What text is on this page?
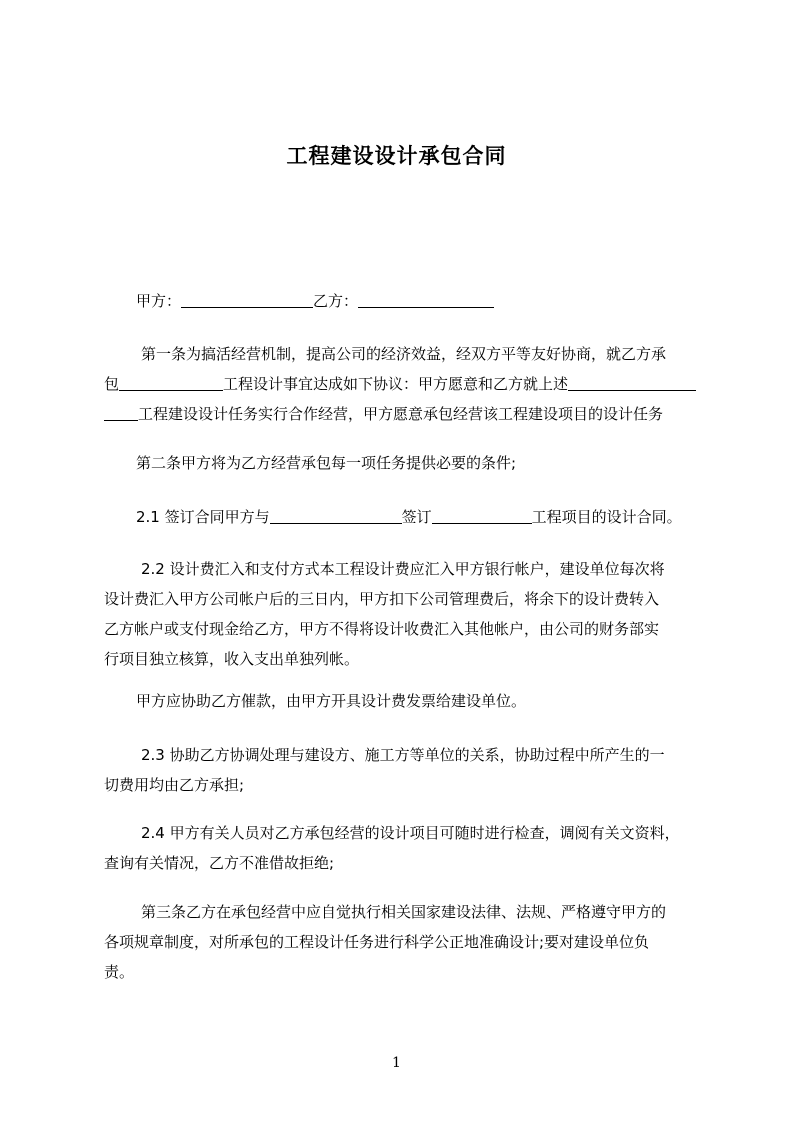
工程建设设计承包合同

甲方：	乙方：

第一条为搞活经营机制，提高公司的经济效益，经双方平等友好协商，就乙方承
包	工程设计事宜达成如下协议：甲方愿意和乙方就上述
工程建设设计任务实行合作经营，甲方愿意承包经营该工程建设项目的设计任务

第二条甲方将为乙方经营承包每一项任务提供必要的条件;

2.1 签订合同甲方与	签订	工程项目的设计合同。

2.2 设计费汇入和支付方式本工程设计费应汇入甲方银行帐户，建设单位每次将
设计费汇入甲方公司帐户后的三日内，甲方扣下公司管理费后，将余下的设计费转入
乙方帐户或支付现金给乙方，甲方不得将设计收费汇入其他帐户，由公司的财务部实
行项目独立核算，收入支出单独列帐。

甲方应协助乙方催款，由甲方开具设计费发票给建设单位。

2.3 协助乙方协调处理与建设方、施工方等单位的关系，协助过程中所产生的一
切费用均由乙方承担;
2.4 甲方有关人员对乙方承包经营的设计项目可随时进行检查，调阅有关文资料，
查询有关情况，乙方不准借故拒绝;
第三条乙方在承包经营中应自觉执行相关国家建设法律、法规、严格遵守甲方的
各项规章制度，对所承包的工程设计任务进行科学公正地准确设计;要对建设单位负
责。
1
